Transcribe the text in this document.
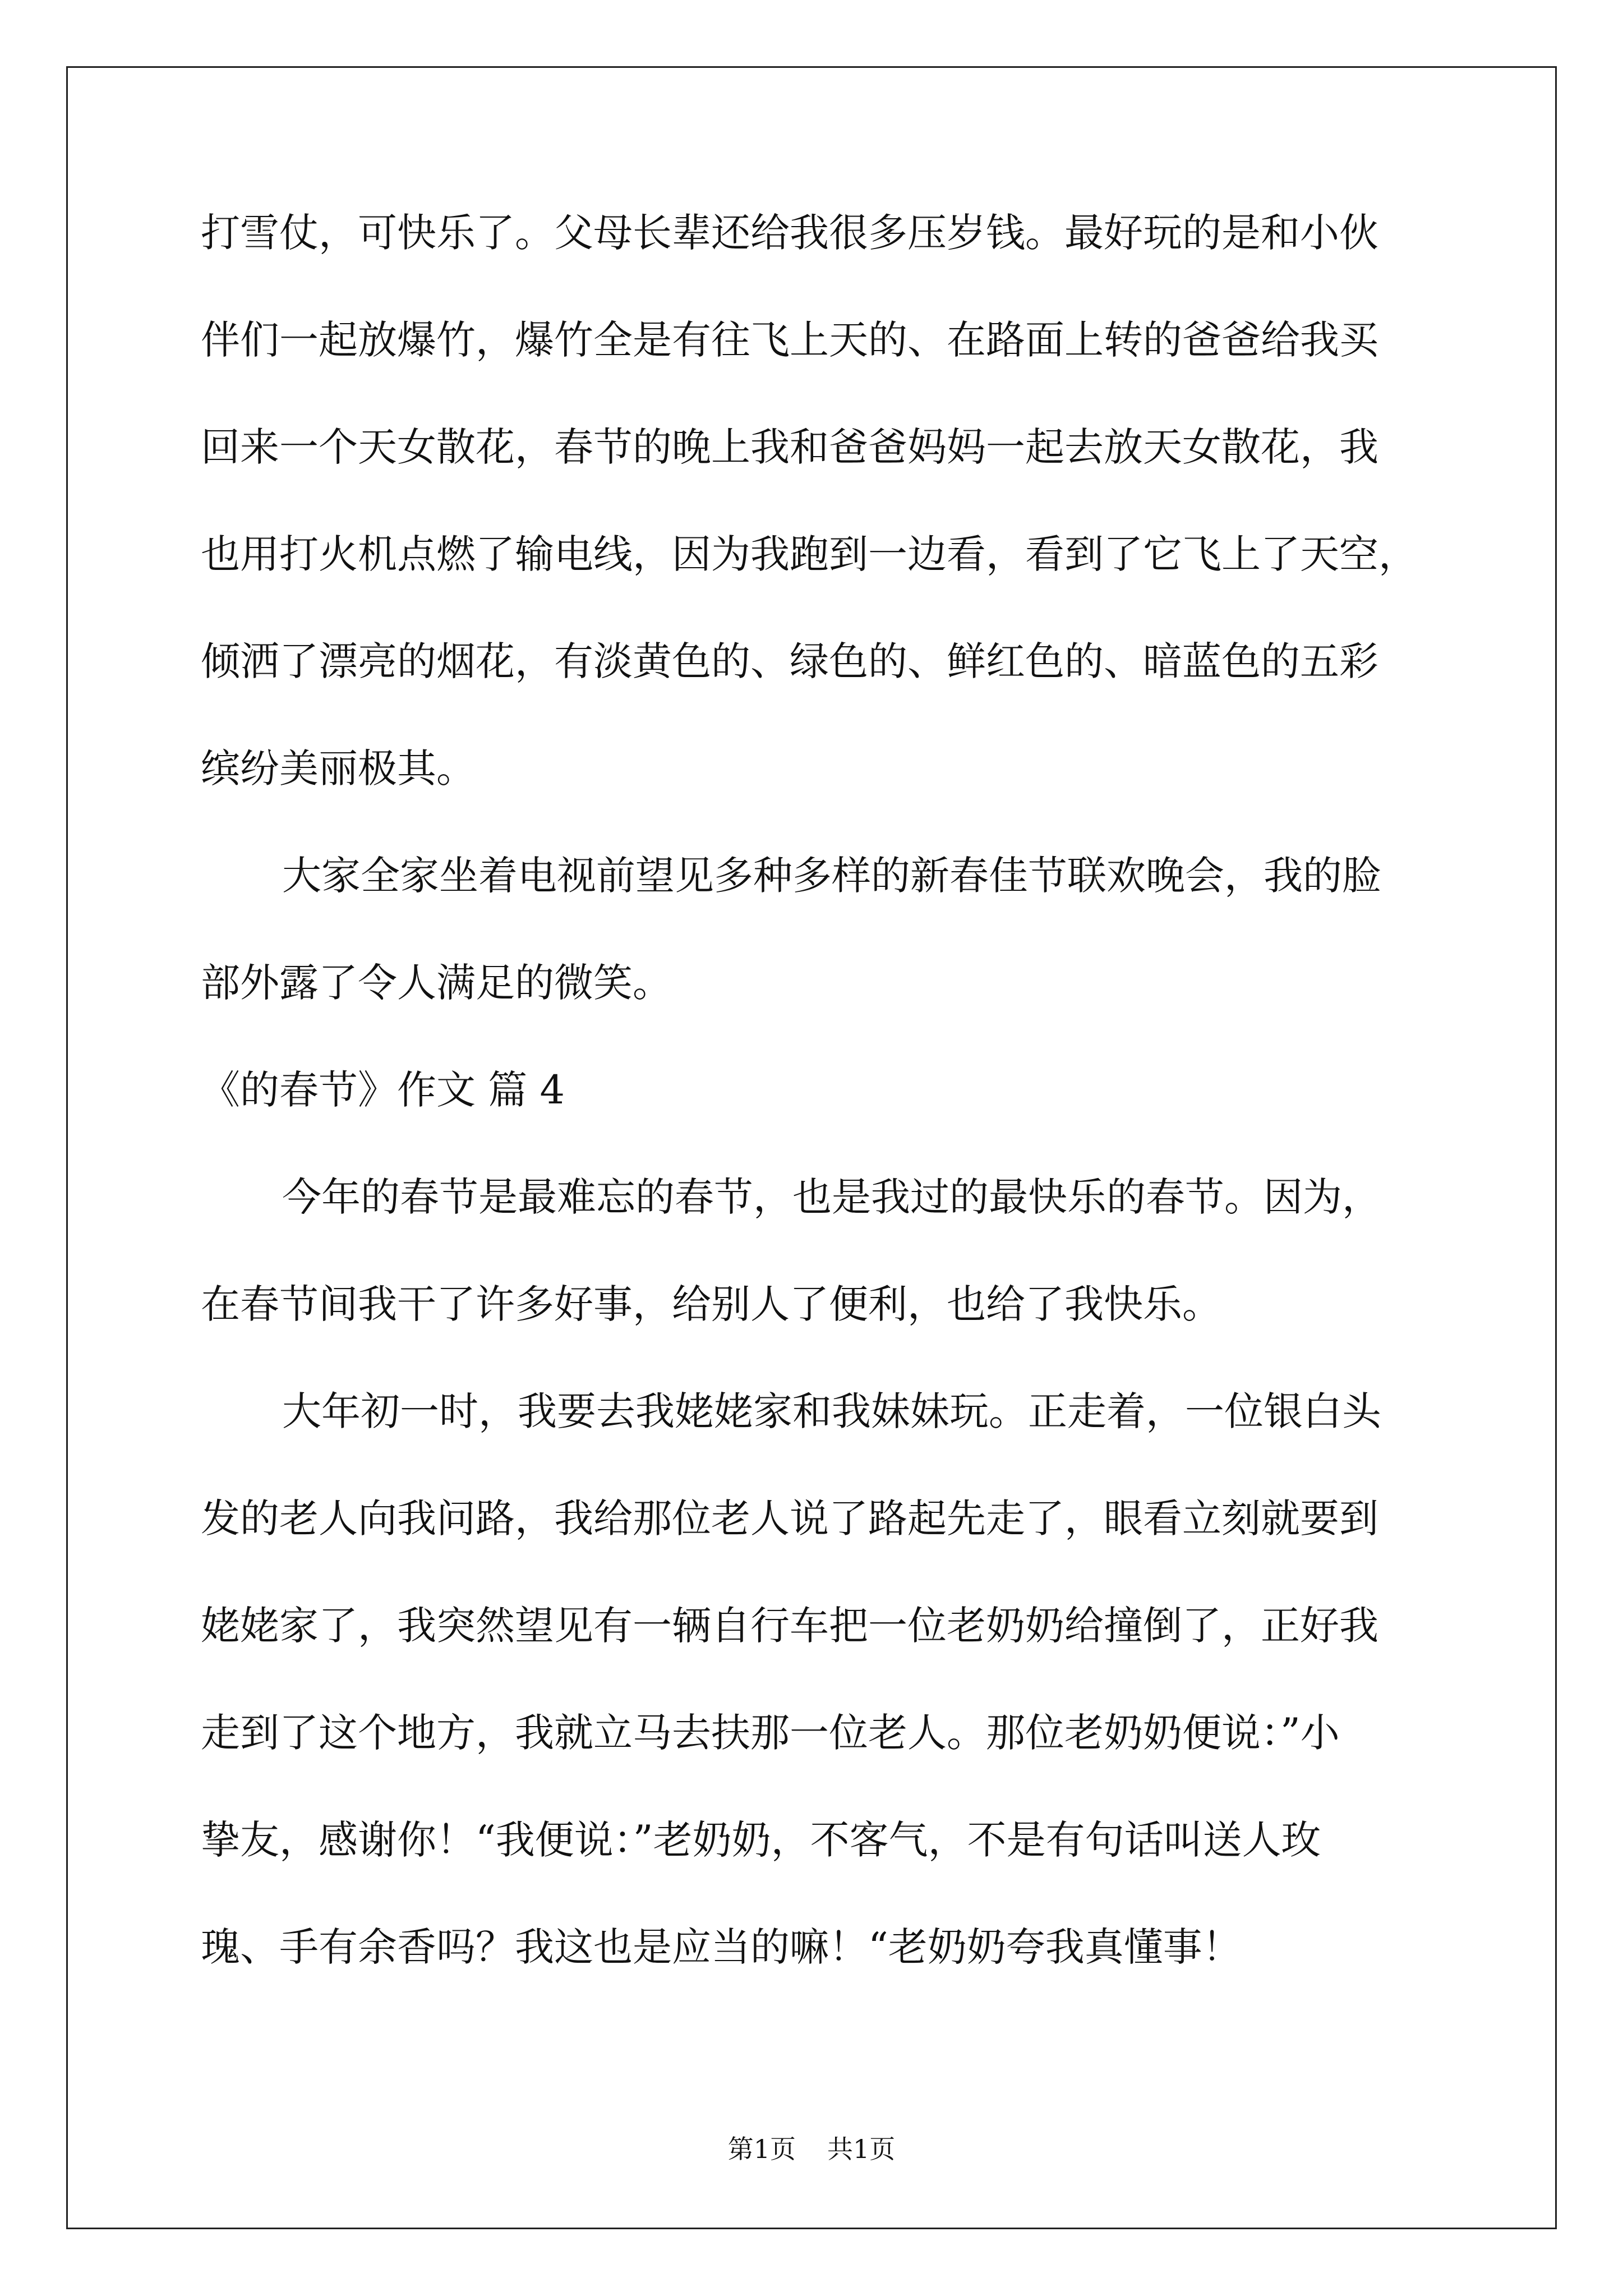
打雪仗，可快乐了。父母长辈还给我很多压岁钱。最好玩的是和小伙
伴们一起放爆竹，爆竹全是有往飞上天的、在路面上转的爸爸给我买
回来一个天女散花，春节的晚上我和爸爸妈妈一起去放天女散花，我
也用打火机点燃了输电线，因为我跑到一边看，看到了它飞上了天空，
倾洒了漂亮的烟花，有淡黄色的、绿色的、鲜红色的、暗蓝色的五彩
缤纷美丽极其。
大家全家坐着电视前望见多种多样的新春佳节联欢晚会，我的脸
部外露了令人满足的微笑。
《的春节》作文 篇 4
今年的春节是最难忘的春节，也是我过的最快乐的春节。因为，
在春节间我干了许多好事，给别人了便利，也给了我快乐。
大年初一时，我要去我姥姥家和我妹妹玩。正走着，一位银白头
发的老人向我问路，我给那位老人说了路起先走了，眼看立刻就要到
姥姥家了，我突然望见有一辆自行车把一位老奶奶给撞倒了，正好我
走到了这个地方，我就立马去扶那一位老人。那位老奶奶便说：”小
挚友，感谢你！“我便说：”老奶奶，不客气，不是有句话叫送人玫
瑰、手有余香吗？我这也是应当的嘛！“老奶奶夸我真懂事！
第1页 共1页
